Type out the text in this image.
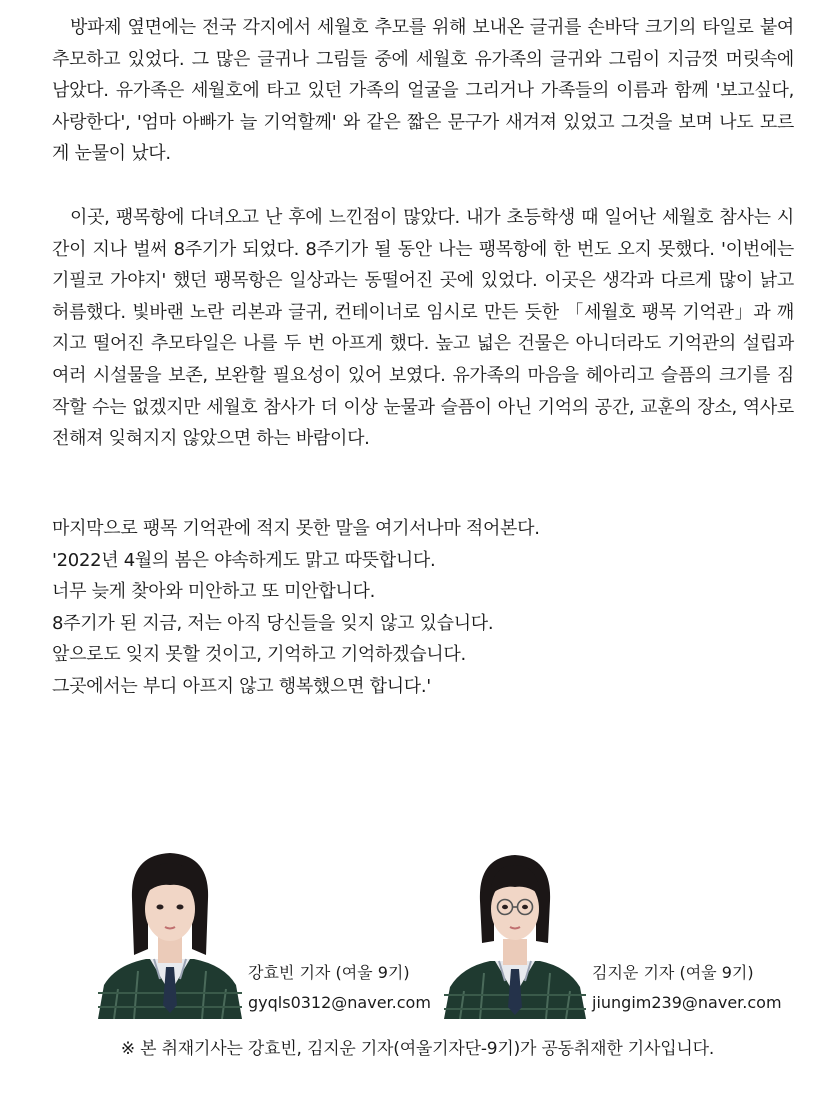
방파제 옆면에는 전국 각지에서 세월호 추모를 위해 보내온 글귀를 손바닥 크기의 타일로 붙여 추모하고 있었다. 그 많은 글귀나 그림들 중에 세월호 유가족의 글귀와 그림이 지금껏 머릿속에 남았다. 유가족은 세월호에 타고 있던 가족의 얼굴을 그리거나 가족들의 이름과 함께 '보고싶다, 사랑한다', '엄마 아빠가 늘 기억할께' 와 같은 짧은 문구가 새겨져 있었고 그것을 보며 나도 모르게 눈물이 났다.

이곳, 팽목항에 다녀오고 난 후에 느낀점이 많았다. 내가 초등학생 때 일어난 세월호 참사는 시간이 지나 벌써 8주기가 되었다. 8주기가 될 동안 나는 팽목항에 한 번도 오지 못했다. '이번에는 기필코 가야지' 했던 팽목항은 일상과는 동떨어진 곳에 있었다. 이곳은 생각과 다르게 많이 낡고 허름했다. 빛바랜 노란 리본과 글귀, 컨테이너로 임시로 만든 듯한 「세월호 팽목 기억관」과 깨지고 떨어진 추모타일은 나를 두 번 아프게 했다. 높고 넓은 건물은 아니더라도 기억관의 설립과 여러 시설물을 보존, 보완할 필요성이 있어 보였다. 유가족의 마음을 헤아리고 슬픔의 크기를 짐작할 수는 없겠지만 세월호 참사가 더 이상 눈물과 슬픔이 아닌 기억의 공간, 교훈의 장소, 역사로 전해져 잊혀지지 않았으면 하는 바람이다.

마지막으로 팽목 기억관에 적지 못한 말을 여기서나마 적어본다.
'2022년 4월의 봄은 야속하게도 맑고 따뜻합니다.
너무 늦게 찾아와 미안하고 또 미안합니다.
8주기가 된 지금, 저는 아직 당신들을 잊지 않고 있습니다.
앞으로도 잊지 못할 것이고, 기억하고 기억하겠습니다.
그곳에서는 부디 아프지 않고 행복했으면 합니다.'
강효빈 기자 (여울 9기)
gyqls0312@naver.com
김지운 기자 (여울 9기)
jiungim239@naver.com
※ 본 취재기사는 강효빈, 김지운 기자(여울기자단-9기)가 공동취재한 기사입니다.
